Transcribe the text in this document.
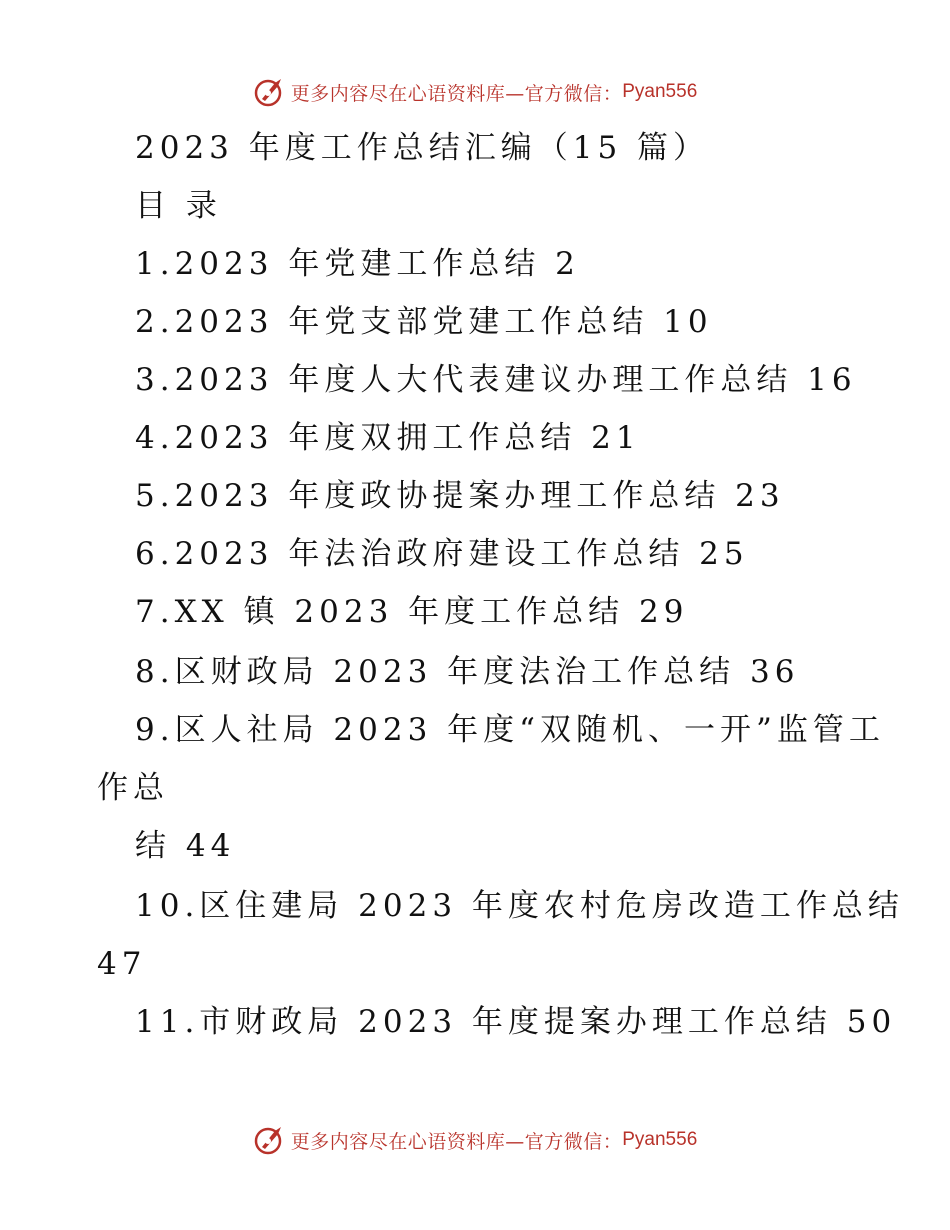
更多内容尽在心语资料库—官方微信： Pyan556
2023 年度工作总结汇编（15 篇）
目 录
1.2023 年党建工作总结 2
2.2023 年党支部党建工作总结 10
3.2023 年度人大代表建议办理工作总结 16
4.2023 年度双拥工作总结 21
5.2023 年度政协提案办理工作总结 23
6.2023 年法治政府建设工作总结 25
7.XX 镇 2023 年度工作总结 29
8.区财政局 2023 年度法治工作总结 36
9.区人社局 2023 年度“双随机、一开”监管工
作总
结 44
10.区住建局 2023 年度农村危房改造工作总结
47
11.市财政局 2023 年度提案办理工作总结 50
更多内容尽在心语资料库—官方微信： Pyan556
